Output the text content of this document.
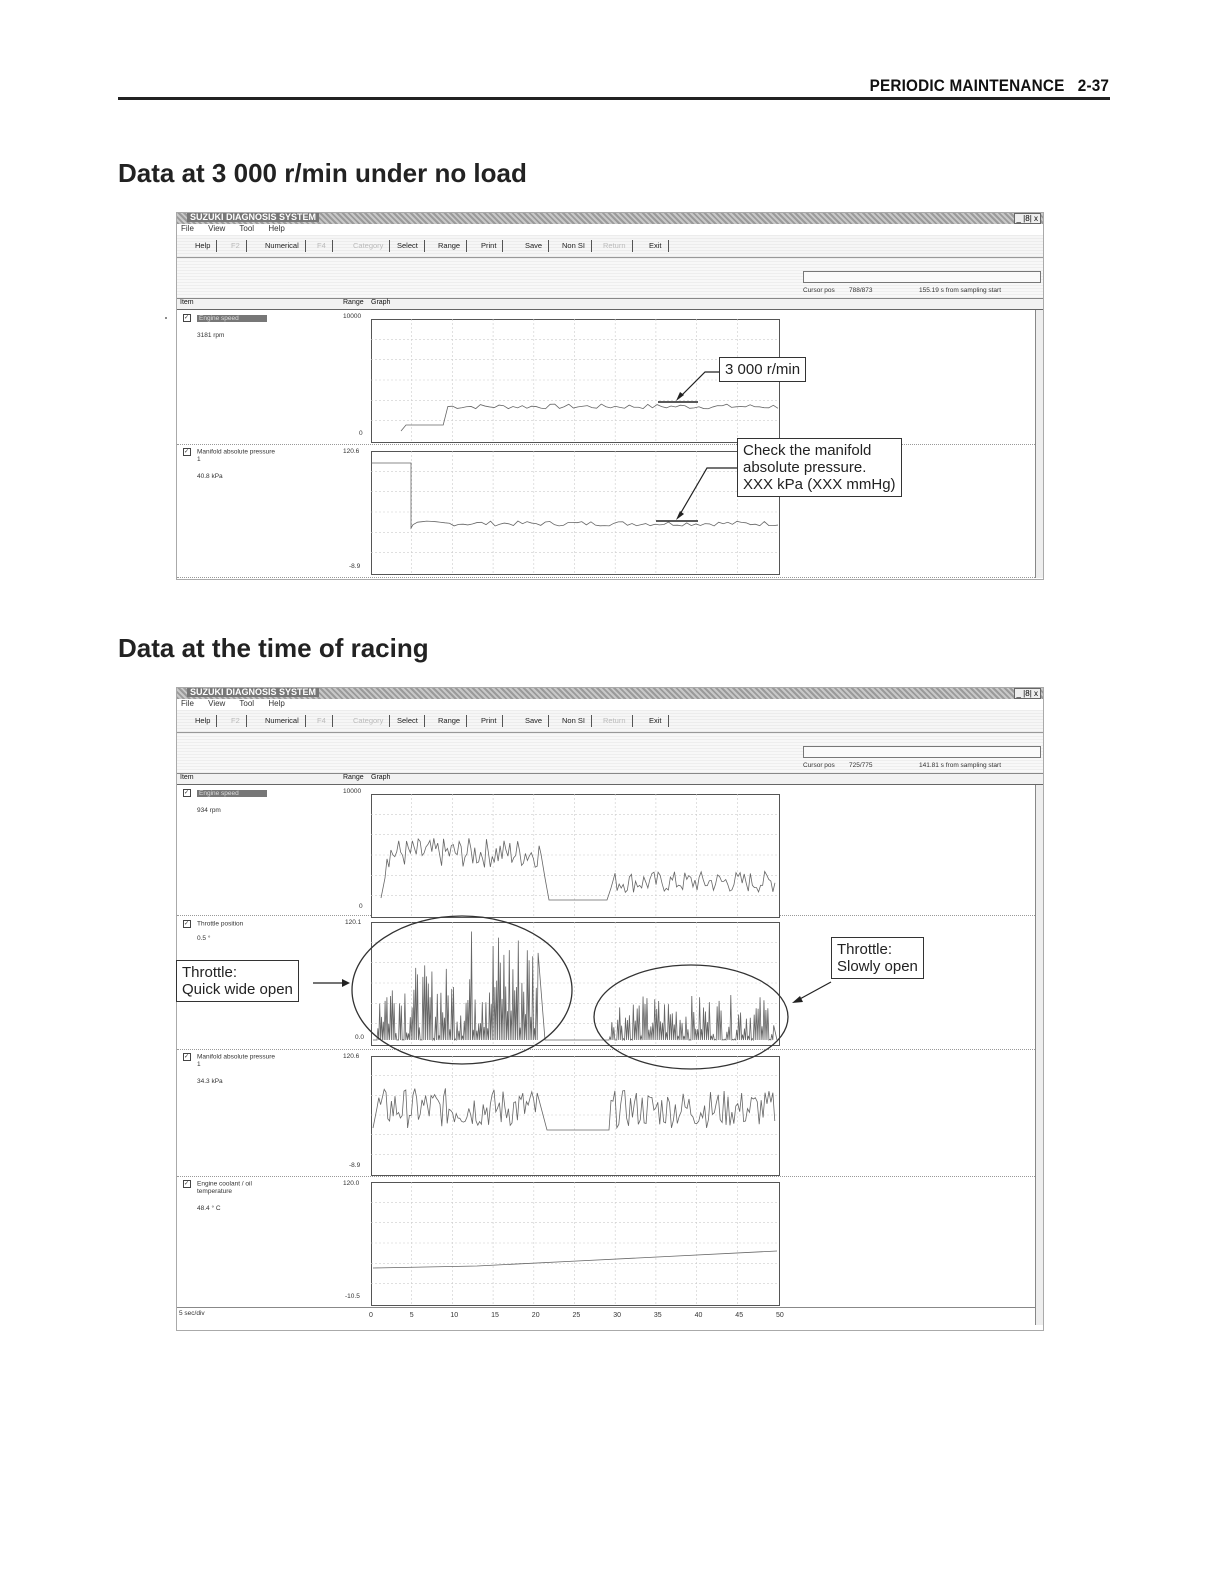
PERIODIC MAINTENANCE 2-37
Data at 3 000 r/min under no load
SUZUKI DIAGNOSIS SYSTEM	_ |8| x
File View Tool Help
Help	F2	Numerical	F4	Category	Select	Range	Print	Save	Non SI	Return	Exit
Cursor pos 788/873	155.19 s from sampling start
Item	Range Graph
✓ Engine speed
3181 rpm
10000
0
✓ Manifold absolute pressure
1
40.8 kPa
120.6
-8.9
3 000 r/min
Check the manifold
absolute pressure.
XXX kPa (XXX mmHg)
Data at the time of racing
SUZUKI DIAGNOSIS SYSTEM	_ |8| x
File View Tool Help
Help	F2	Numerical	F4	Category	Select	Range	Print	Save	Non SI	Return	Exit
Cursor pos 725/775	141.81 s from sampling start
Item	Range Graph
✓ Engine speed
934 rpm
10000
0
✓ Throttle position
0.5 °
120.1
0.0
✓ Manifold absolute pressure
1
34.3 kPa
120.6
-8.9
✓ Engine coolant / oil
temperature
48.4 ° C
120.0
-10.5
5 sec/div	0	5	10	15	20	25	30	35	40	45	50
Throttle:
Quick wide open
Throttle:
Slowly open
